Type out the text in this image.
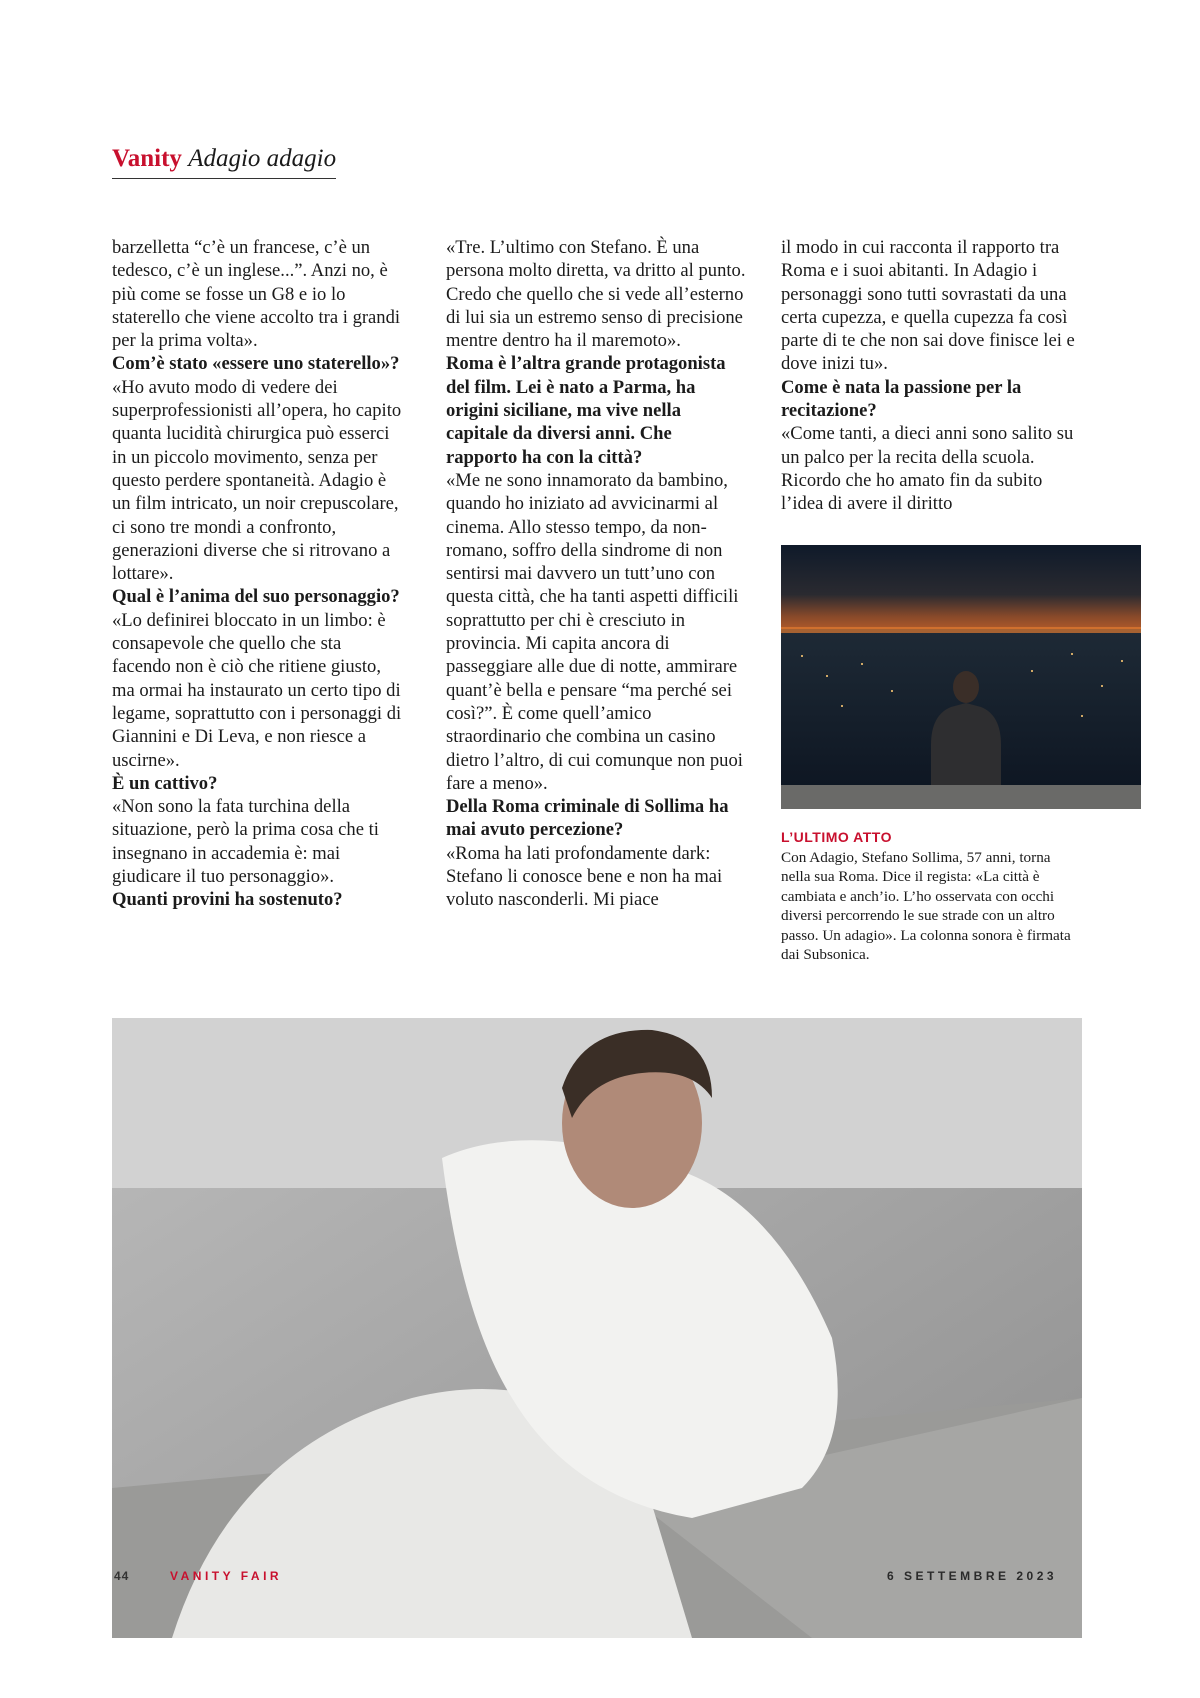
Vanity Adagio adagio

barzelletta “c’è un francese, c’è un tedesco, c’è un inglese...”. Anzi no, è più come se fosse un G8 e io lo staterello che viene accolto tra i grandi per la prima volta».

Com’è stato «essere uno staterello»?

«Ho avuto modo di vedere dei superprofessionisti all’opera, ho capito quanta lucidità chirurgica può esserci in un piccolo movimento, senza per questo perdere spontaneità. Adagio è un film intricato, un noir crepuscolare, ci sono tre mondi a confronto, generazioni diverse che si ritrovano a lottare».

Qual è l’anima del suo personaggio?

«Lo definirei bloccato in un limbo: è consapevole che quello che sta facendo non è ciò che ritiene giusto, ma ormai ha instaurato un certo tipo di legame, soprattutto con i personaggi di Giannini e Di Leva, e non riesce a uscirne».

È un cattivo?

«Non sono la fata turchina della situazione, però la prima cosa che ti insegnano in accademia è: mai giudicare il tuo personaggio».

Quanti provini ha sostenuto?

«Tre. L’ultimo con Stefano. È una persona molto diretta, va dritto al punto. Credo che quello che si vede all’esterno di lui sia un estremo senso di precisione mentre dentro ha il maremoto».

Roma è l’altra grande protagonista del film. Lei è nato a Parma, ha origini siciliane, ma vive nella capitale da diversi anni. Che rapporto ha con la città?

«Me ne sono innamorato da bambino, quando ho iniziato ad avvicinarmi al cinema. Allo stesso tempo, da non-romano, soffro della sindrome di non sentirsi mai davvero un tutt’uno con questa città, che ha tanti aspetti difficili soprattutto per chi è cresciuto in provincia. Mi capita ancora di passeggiare alle due di notte, ammirare quant’è bella e pensare “ma perché sei così?”. È come quell’amico straordinario che combina un casino dietro l’altro, di cui comunque non puoi fare a meno».

Della Roma criminale di Sollima ha mai avuto percezione?

«Roma ha lati profondamente dark: Stefano li conosce bene e non ha mai voluto nasconderli. Mi piace

il modo in cui racconta il rapporto tra Roma e i suoi abitanti. In Adagio i personaggi sono tutti sovrastati da una certa cupezza, e quella cupezza fa così parte di te che non sai dove finisce lei e dove inizi tu».

Come è nata la passione per la recitazione?

«Come tanti, a dieci anni sono salito su un palco per la recita della scuola. Ricordo che ho amato fin da subito l’idea di avere il diritto

L’ULTIMO ATTO

Con Adagio, Stefano Sollima, 57 anni, torna nella sua Roma. Dice il regista: «La città è cambiata e anch’io. L’ho osservata con occhi diversi percorrendo le sue strade con un altro passo. Un adagio». La colonna sonora è firmata dai Subsonica.

44	VANITY FAIR	6 SETTEMBRE 2023
